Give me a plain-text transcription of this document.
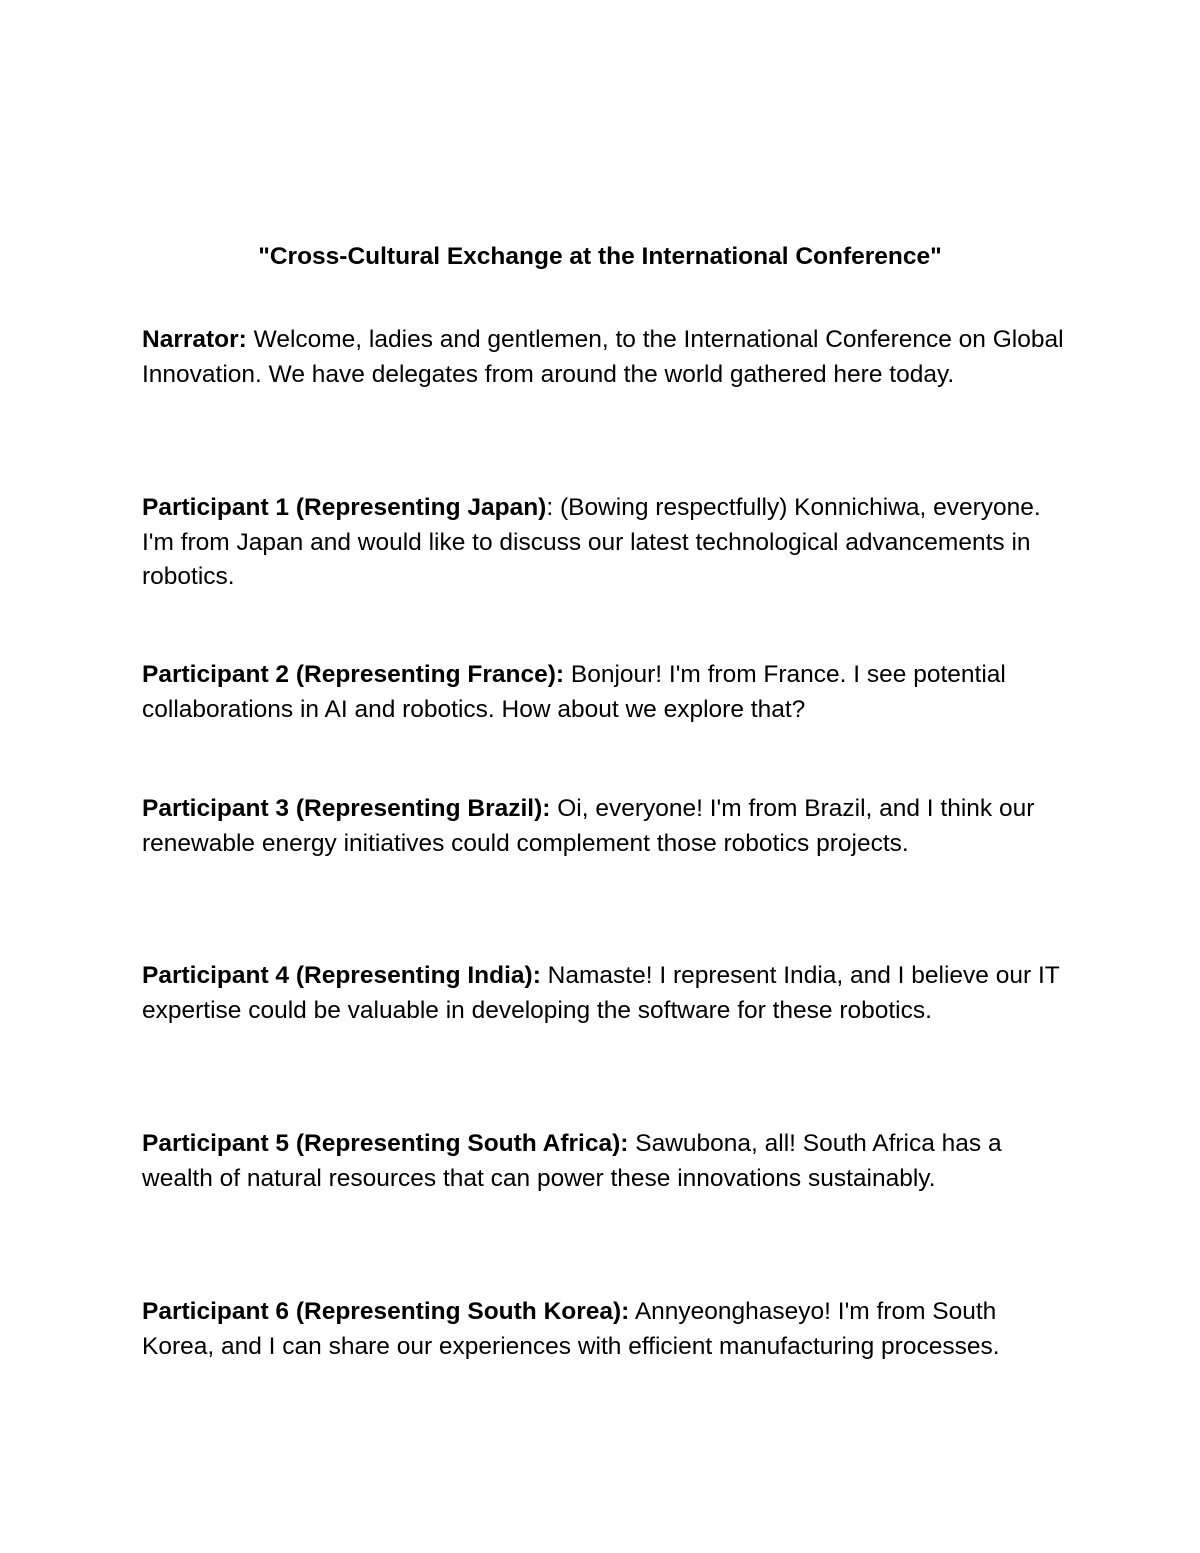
"Cross-Cultural Exchange at the International Conference"

Narrator: Welcome, ladies and gentlemen, to the International Conference on Global Innovation. We have delegates from around the world gathered here today.

Participant 1 (Representing Japan): (Bowing respectfully) Konnichiwa, everyone. I'm from Japan and would like to discuss our latest technological advancements in robotics.

Participant 2 (Representing France): Bonjour! I'm from France. I see potential collaborations in AI and robotics. How about we explore that?

Participant 3 (Representing Brazil): Oi, everyone! I'm from Brazil, and I think our renewable energy initiatives could complement those robotics projects.

Participant 4 (Representing India): Namaste! I represent India, and I believe our IT expertise could be valuable in developing the software for these robotics.

Participant 5 (Representing South Africa): Sawubona, all! South Africa has a wealth of natural resources that can power these innovations sustainably.

Participant 6 (Representing South Korea): Annyeonghaseyo! I'm from South Korea, and I can share our experiences with efficient manufacturing processes.
